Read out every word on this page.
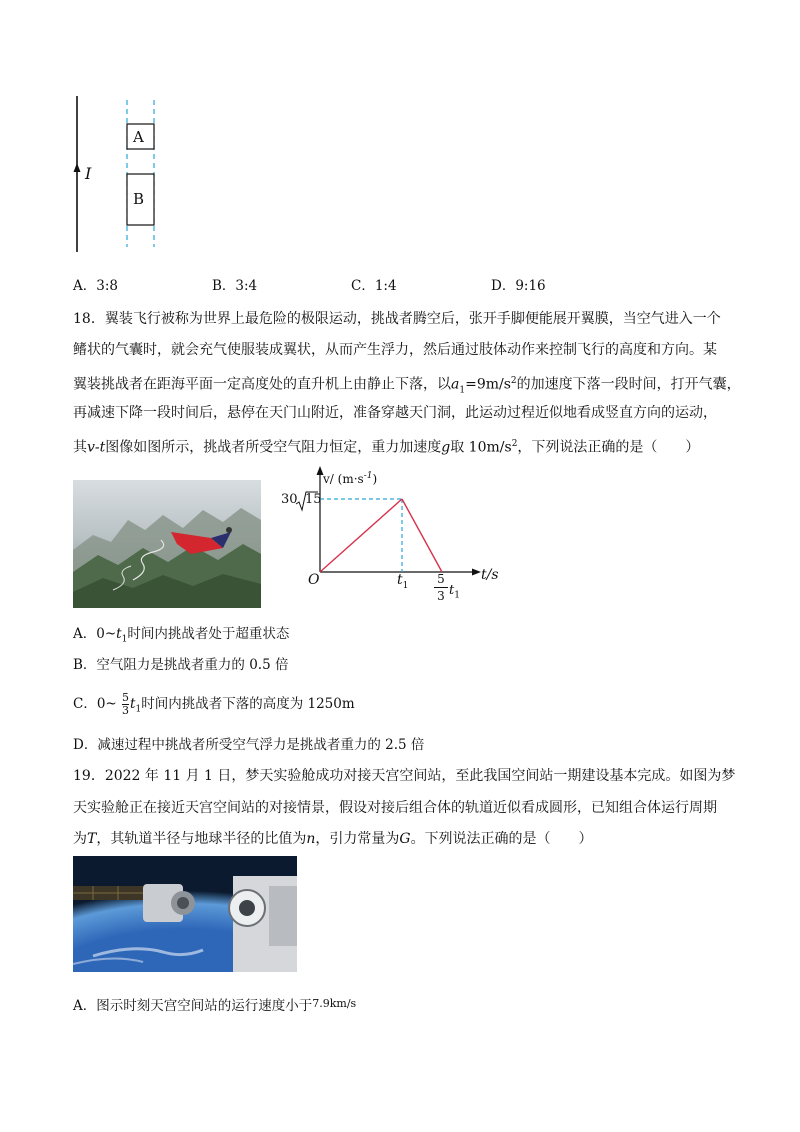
I
A
B
A．3:8	B．3:4	C．1:4	D．9:16
18．翼装飞行被称为世界上最危险的极限运动，挑战者腾空后，张开手脚便能展开翼膜，当空气进入一个
鳍状的气囊时，就会充气使服装成翼状，从而产生浮力，然后通过肢体动作来控制飞行的高度和方向。某
翼装挑战者在距海平面一定高度处的直升机上由静止下落，以$a_1=9m/s^2$的加速度下落一段时间，打开气囊，
再减速下降一段时间后，悬停在天门山附近，准备穿越天门洞，此运动过程近似地看成竖直方向的运动，
其v-t图像如图所示，挑战者所受空气阻力恒定，重力加速度g取 $10m/s^2$，下列说法正确的是（　　）
v/ $(m\cdot s^{-1})$
30 15
O	$t_1$
t/s
5
3 $t_1$
A．$0\sim t_1$时间内挑战者处于超重状态
B．空气阻力是挑战者重力的 0.5 倍
C．0~ $\frac{5}{3} t_1$时间内挑战者下落的高度为 1250m
D．减速过程中挑战者所受空气浮力是挑战者重力的 2.5 倍
19．2022 年 11 月 1 日，梦天实验舱成功对接天宫空间站，至此我国空间站一期建设基本完成。如图为梦
天实验舱正在接近天宫空间站的对接情景，假设对接后组合体的轨道近似看成圆形，已知组合体运行周期
为T，其轨道半径与地球半径的比值为n，引力常量为G。下列说法正确的是（　　）
A．图示时刻天宫空间站的运行速度小于$^{7.9km/s}$
